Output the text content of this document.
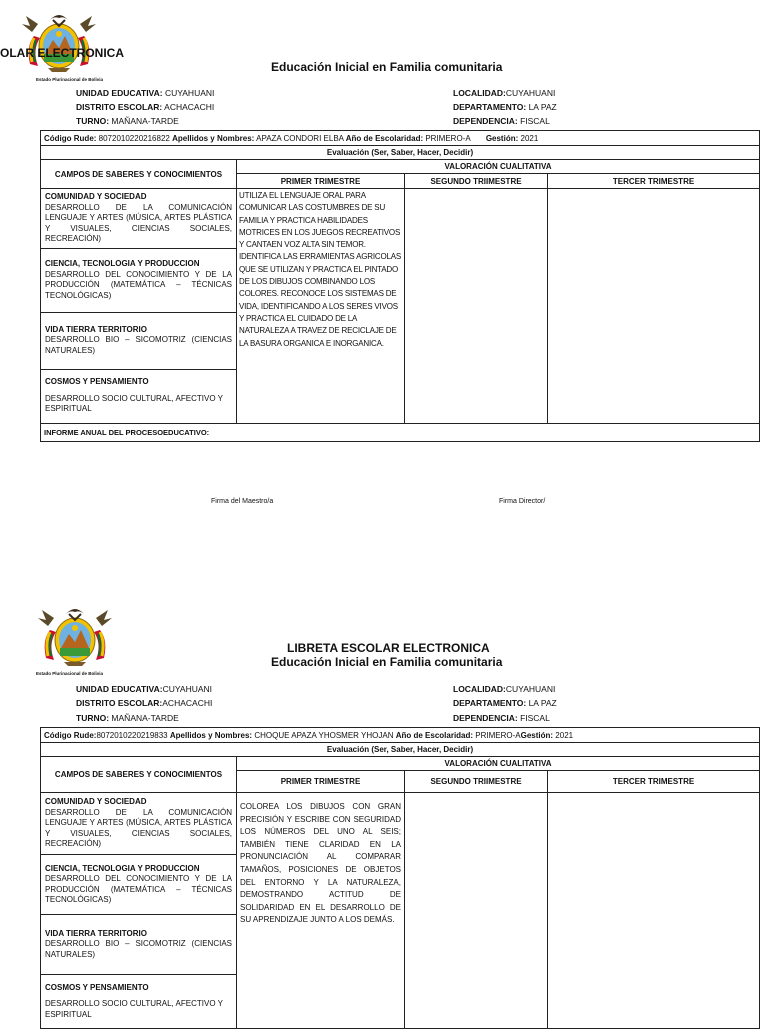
Estado Plurinacional de Bolivia
OLAR ELECTRONICA
Educación Inicial en Familia comunitaria
UNIDAD EDUCATIVA: CUYAHUANI
DISTRITO ESCOLAR: ACHACACHI
TURNO: MAÑANA-TARDE
LOCALIDAD:CUYAHUANI
DEPARTAMENTO: LA PAZ
DEPENDENCIA: FISCAL
Código Rude: 8072010220216822 Apellidos y Nombres: APAZA CONDORI ELBA Año de Escolaridad: PRIMERO-A       Gestión: 2021			
Evaluación (Ser, Saber, Hacer, Decidir)			
CAMPOS DE SABERES Y CONOCIMIENTOS	VALORACIÓN CUALITATIVA		
	PRIMER TRIMESTRE	SEGUNDO TRIIMESTRE	TERCER TRIMESTRE

COMUNIDAD Y SOCIEDAD
DESARROLLO DE LA COMUNICACIÓN LENGUAJE Y ARTES (MÚSICA, ARTES PLÁSTICA Y VISUALES, CIENCIAS SOCIALES, RECREACIÓN)	UTILIZA EL LENGUAJE ORAL PARA COMUNICAR LAS COSTUMBRES DE SU FAMILIA Y PRACTICA HABILIDADES MOTRICES EN LOS JUEGOS RECREATIVOS Y CANTAEN VOZ ALTA SIN TEMOR. IDENTIFICA LAS ERRAMIENTAS AGRICOLAS QUE SE UTILIZAN Y PRACTICA EL PINTADO DE LOS DIBUJOS COMBINANDO LOS COLORES. RECONOCE LOS SISTEMAS DE VIDA, IDENTIFICANDO A LOS SERES VIVOS Y PRACTICA EL CUIDADO DE LA NATURALEZA A TRAVEZ DE RECICLAJE DE LA BASURA ORGANICA E INORGANICA.		

CIENCIA, TECNOLOGIA Y PRODUCCION
DESARROLLO DEL CONOCIMIENTO Y DE LA PRODUCCIÓN (MATEMÁTICA – TÉCNICAS TECNOLÓGICAS)			

VIDA TIERRA TERRITORIO
DESARROLLO BIO – SICOMOTRIZ (CIENCIAS NATURALES)			

COSMOS Y PENSAMIENTO
DESARROLLO SOCIO CULTURAL, AFECTIVO Y ESPIRITUAL			

INFORME ANUAL DEL PROCESOEDUCATIVO:			
Firma del Maestro/a	Firma Director/
Estado Plurinacional de Bolivia
LIBRETA ESCOLAR ELECTRONICA
Educación Inicial en Familia comunitaria
UNIDAD EDUCATIVA:CUYAHUANI
DISTRITO ESCOLAR:ACHACACHI
TURNO: MAÑANA-TARDE
LOCALIDAD:CUYAHUANI
DEPARTAMENTO: LA PAZ
DEPENDENCIA: FISCAL
Código Rude:8072010220219833 Apellidos y Nombres: CHOQUE APAZA YHOSMER YHOJAN Año de Escolaridad: PRIMERO-AGestión: 2021			
Evaluación (Ser, Saber, Hacer, Decidir)			
CAMPOS DE SABERES Y CONOCIMIENTOS	VALORACIÓN CUALITATIVA		
	PRIMER TRIMESTRE	SEGUNDO TRIIMESTRE	TERCER TRIMESTRE

COMUNIDAD Y SOCIEDAD
DESARROLLO DE LA COMUNICACIÓN LENGUAJE Y ARTES (MÚSICA, ARTES PLÁSTICA Y VISUALES, CIENCIAS SOCIALES, RECREACIÓN)	COLOREA LOS DIBUJOS CON GRAN PRECISIÓN Y ESCRIBE CON SEGURIDAD LOS NÚMEROS DEL UNO AL SEIS; TAMBIÉN TIENE CLARIDAD EN LA PRONUNCIACIÓN AL COMPARAR TAMAÑOS, POSICIONES DE OBJETOS DEL ENTORNO Y LA NATURALEZA, DEMOSTRANDO ACTITUD DE SOLIDARIDAD EN EL DESARROLLO DE SU APRENDIZAJE JUNTO A LOS DEMÁS.		

CIENCIA, TECNOLOGIA Y PRODUCCION
DESARROLLO DEL CONOCIMIENTO Y DE LA PRODUCCIÓN (MATEMÁTICA – TÉCNICAS TECNOLÓGICAS)			

VIDA TIERRA TERRITORIO
DESARROLLO BIO – SICOMOTRIZ (CIENCIAS NATURALES)			

COSMOS Y PENSAMIENTO
DESARROLLO SOCIO CULTURAL, AFECTIVO Y ESPIRITUAL			
